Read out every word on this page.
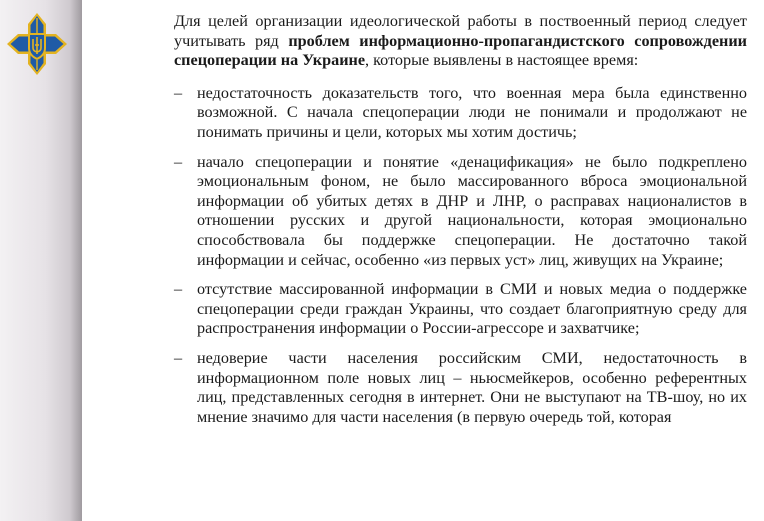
Для целей организации идеологической работы в поствоенный период следует учитывать ряд проблем информационно-пропагандистского сопровождении спецоперации на Украине, которые выявлены в настоящее время:

– недостаточность доказательств того, что военная мера была единственно возможной. С начала спецоперации люди не понимали и продолжают не понимать причины и цели, которых мы хотим достичь;
– начало спецоперации и понятие «денацификация» не было подкреплено эмоциональным фоном, не было массированного вброса эмоциональной информации об убитых детях в ДНР и ЛНР, о расправах националистов в отношении русских и другой национальности, которая эмоционально способствовала бы поддержке спецоперации. Не достаточно такой информации и сейчас, особенно «из первых уст» лиц, живущих на Украине;
– отсутствие массированной информации в СМИ и новых медиа о поддержке спецоперации среди граждан Украины, что создает благоприятную среду для распространения информации о России-агрессоре и захватчике;
– недоверие части населения российским СМИ, недостаточность в информационном поле новых лиц – ньюсмейкеров, особенно референтных лиц, представленных сегодня в интернет. Они не выступают на ТВ-шоу, но их мнение значимо для части населения (в первую очередь той, которая
